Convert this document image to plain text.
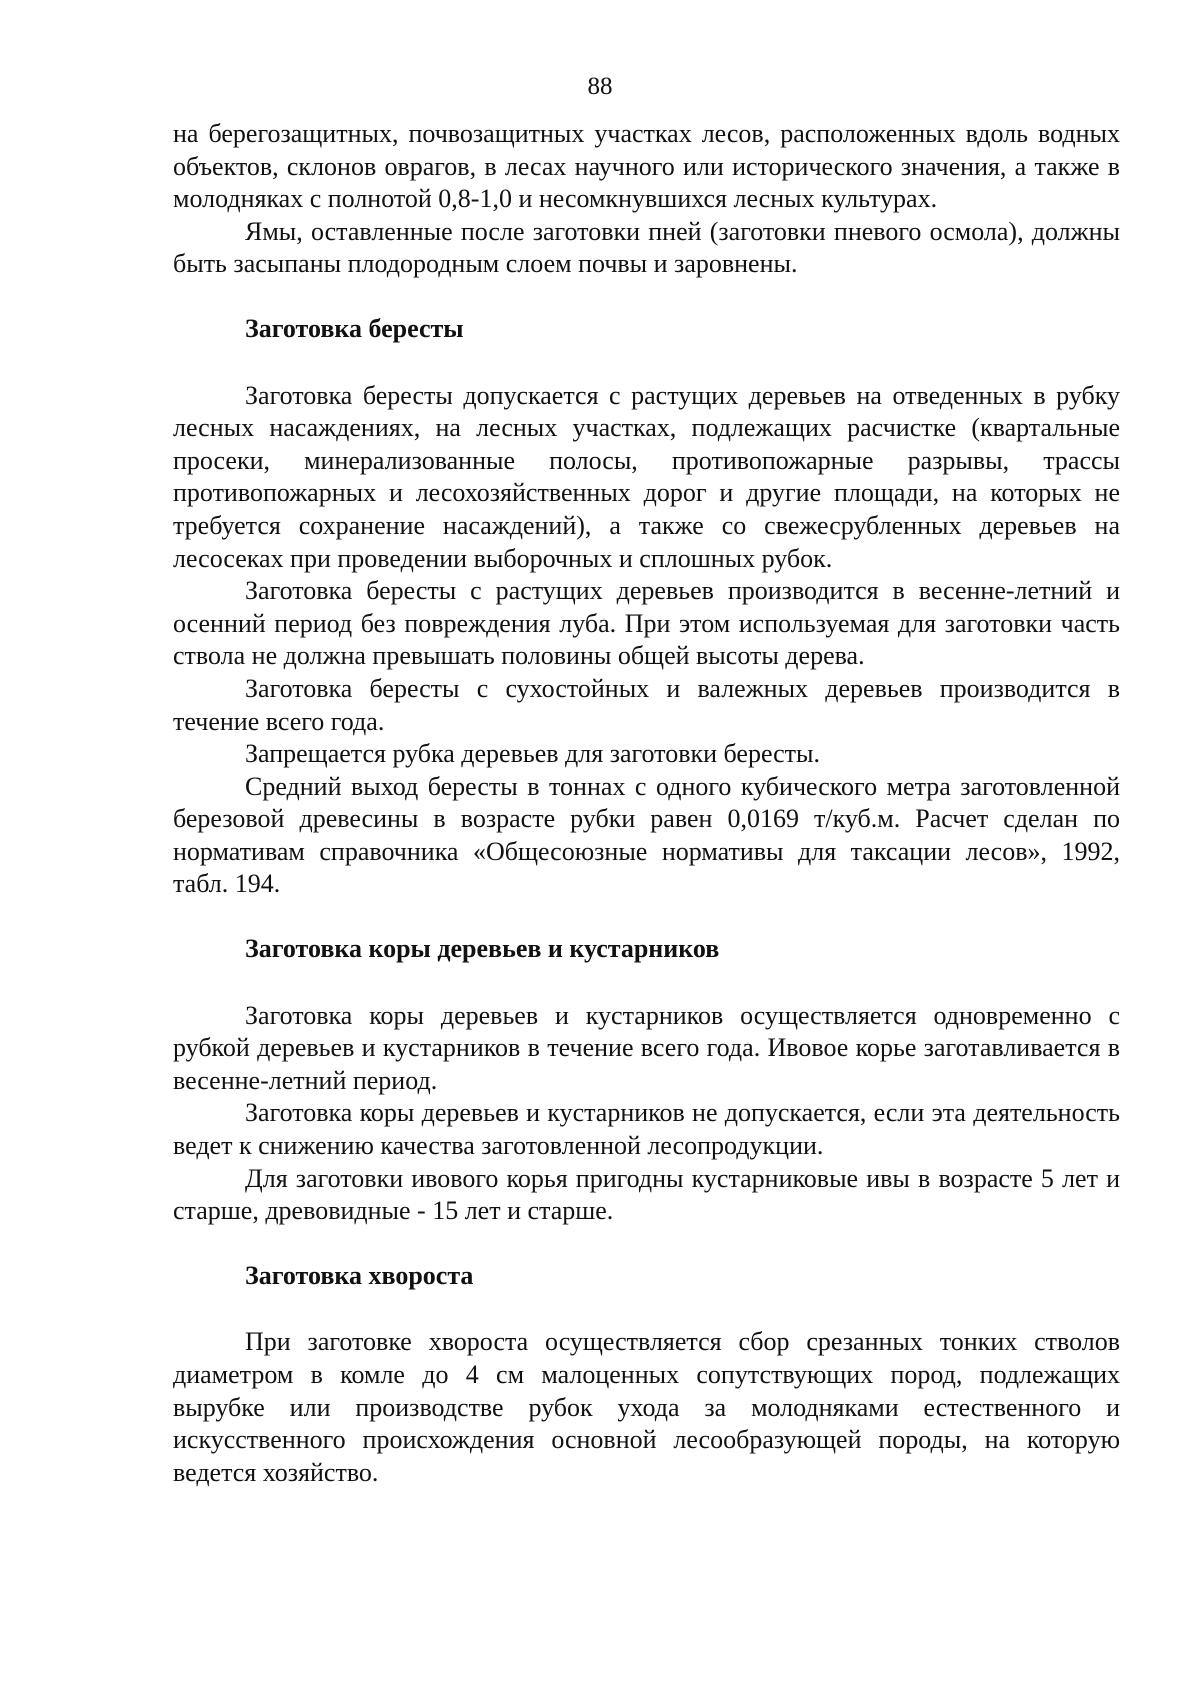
88

на берегозащитных, почвозащитных участках лесов, расположенных вдоль водных объектов, склонов оврагов, в лесах научного или исторического значения, а также в молодняках с полнотой 0,8-1,0 и несомкнувшихся лесных культурах.

Ямы, оставленные после заготовки пней (заготовки пневого осмола), должны быть засыпаны плодородным слоем почвы и заровнены.

Заготовка бересты

Заготовка бересты допускается с растущих деревьев на отведенных в рубку лесных насаждениях, на лесных участках, подлежащих расчистке (квартальные просеки, минерализованные полосы, противопожарные разрывы, трассы противопожарных и лесохозяйственных дорог и другие площади, на которых не требуется сохранение насаждений), а также со свежесрубленных деревьев на лесосеках при проведении выборочных и сплошных рубок.

Заготовка бересты с растущих деревьев производится в весенне-летний и осенний период без повреждения луба. При этом используемая для заготовки часть ствола не должна превышать половины общей высоты дерева.

Заготовка бересты с сухостойных и валежных деревьев производится в течение всего года.

Запрещается рубка деревьев для заготовки бересты.

Средний выход бересты в тоннах с одного кубического метра заготовленной березовой древесины в возрасте рубки равен 0,0169 т/куб.м. Расчет сделан по нормативам справочника «Общесоюзные нормативы для таксации лесов», 1992, табл. 194.

Заготовка коры деревьев и кустарников

Заготовка коры деревьев и кустарников осуществляется одновременно с рубкой деревьев и кустарников в течение всего года. Ивовое корье заготавливается в весенне-летний период.

Заготовка коры деревьев и кустарников не допускается, если эта деятельность ведет к снижению качества заготовленной лесопродукции.

Для заготовки ивового корья пригодны кустарниковые ивы в возрасте 5 лет и старше, древовидные - 15 лет и старше.

Заготовка хвороста

При заготовке хвороста осуществляется сбор срезанных тонких стволов диаметром в комле до 4 см малоценных сопутствующих пород, подлежащих вырубке или производстве рубок ухода за молодняками естественного и искусственного происхождения основной лесообразующей породы, на которую ведется хозяйство.
